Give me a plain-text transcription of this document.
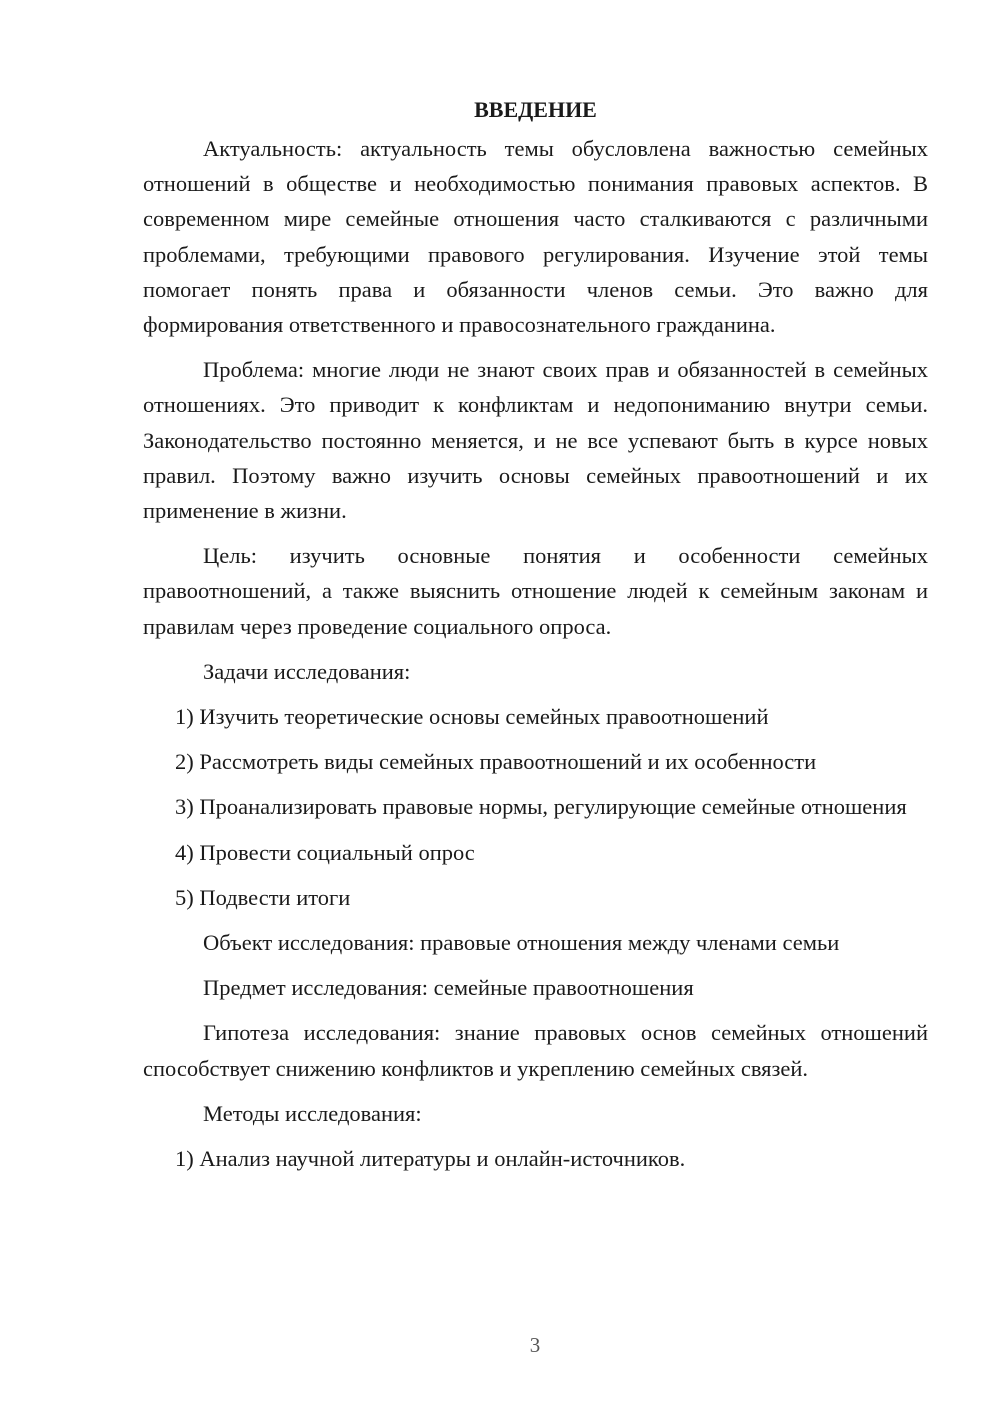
ВВЕДЕНИЕ

Актуальность: актуальность темы обусловлена важностью семейных отношений в обществе и необходимостью понимания правовых аспектов. В современном мире семейные отношения часто сталкиваются с различными проблемами, требующими правового регулирования. Изучение этой темы помогает понять права и обязанности членов семьи. Это важно для формирования ответственного и правосознательного гражданина.

Проблема: многие люди не знают своих прав и обязанностей в семейных отношениях. Это приводит к конфликтам и недопониманию внутри семьи. Законодательство постоянно меняется, и не все успевают быть в курсе новых правил. Поэтому важно изучить основы семейных правоотношений и их применение в жизни.

Цель: изучить основные понятия и особенности семейных правоотношений, а также выяснить отношение людей к семейным законам и правилам через проведение социального опроса.

Задачи исследования:

1) Изучить теоретические основы семейных правоотношений

2) Рассмотреть виды семейных правоотношений и их особенности

3) Проанализировать правовые нормы, регулирующие семейные отношения

4) Провести социальный опрос

5) Подвести итоги

Объект исследования: правовые отношения между членами семьи

Предмет исследования: семейные правоотношения

Гипотеза исследования: знание правовых основ семейных отношений способствует снижению конфликтов и укреплению семейных связей.

Методы исследования:

1) Анализ научной литературы и онлайн-источников.

3
